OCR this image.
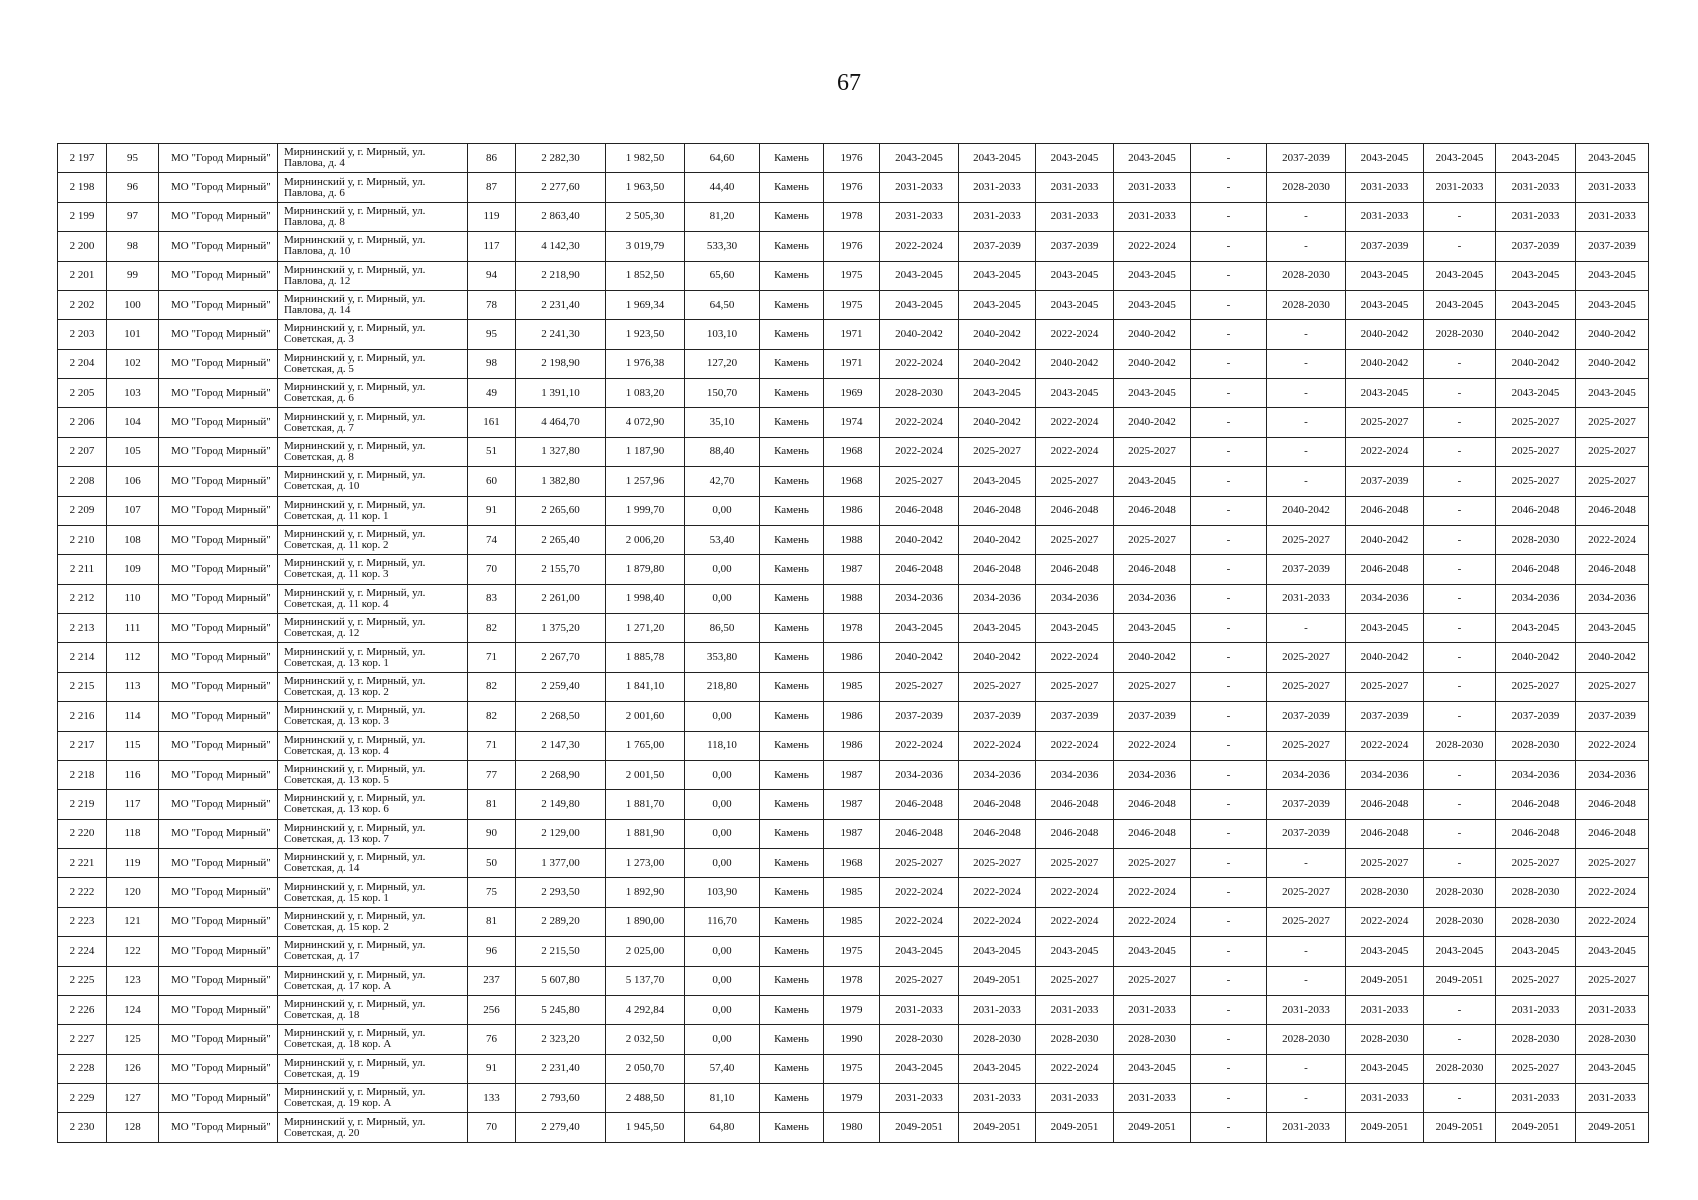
67
2 197	95	МО "Город Мирный"	Мирнинский у, г. Мирный, ул. Павлова, д. 4	86	2 282,30	1 982,50	64,60	Камень	1976	2043-2045	2043-2045	2043-2045	2043-2045	-	2037-2039	2043-2045	2043-2045	2043-2045	2043-2045
2 198	96	МО "Город Мирный"	Мирнинский у, г. Мирный, ул. Павлова, д. 6	87	2 277,60	1 963,50	44,40	Камень	1976	2031-2033	2031-2033	2031-2033	2031-2033	-	2028-2030	2031-2033	2031-2033	2031-2033	2031-2033
2 199	97	МО "Город Мирный"	Мирнинский у, г. Мирный, ул. Павлова, д. 8	119	2 863,40	2 505,30	81,20	Камень	1978	2031-2033	2031-2033	2031-2033	2031-2033	-	-	2031-2033	-	2031-2033	2031-2033
2 200	98	МО "Город Мирный"	Мирнинский у, г. Мирный, ул. Павлова, д. 10	117	4 142,30	3 019,79	533,30	Камень	1976	2022-2024	2037-2039	2037-2039	2022-2024	-	-	2037-2039	-	2037-2039	2037-2039
2 201	99	МО "Город Мирный"	Мирнинский у, г. Мирный, ул. Павлова, д. 12	94	2 218,90	1 852,50	65,60	Камень	1975	2043-2045	2043-2045	2043-2045	2043-2045	-	2028-2030	2043-2045	2043-2045	2043-2045	2043-2045
2 202	100	МО "Город Мирный"	Мирнинский у, г. Мирный, ул. Павлова, д. 14	78	2 231,40	1 969,34	64,50	Камень	1975	2043-2045	2043-2045	2043-2045	2043-2045	-	2028-2030	2043-2045	2043-2045	2043-2045	2043-2045
2 203	101	МО "Город Мирный"	Мирнинский у, г. Мирный, ул. Советская, д. 3	95	2 241,30	1 923,50	103,10	Камень	1971	2040-2042	2040-2042	2022-2024	2040-2042	-	-	2040-2042	2028-2030	2040-2042	2040-2042
2 204	102	МО "Город Мирный"	Мирнинский у, г. Мирный, ул. Советская, д. 5	98	2 198,90	1 976,38	127,20	Камень	1971	2022-2024	2040-2042	2040-2042	2040-2042	-	-	2040-2042	-	2040-2042	2040-2042
2 205	103	МО "Город Мирный"	Мирнинский у, г. Мирный, ул. Советская, д. 6	49	1 391,10	1 083,20	150,70	Камень	1969	2028-2030	2043-2045	2043-2045	2043-2045	-	-	2043-2045	-	2043-2045	2043-2045
2 206	104	МО "Город Мирный"	Мирнинский у, г. Мирный, ул. Советская, д. 7	161	4 464,70	4 072,90	35,10	Камень	1974	2022-2024	2040-2042	2022-2024	2040-2042	-	-	2025-2027	-	2025-2027	2025-2027
2 207	105	МО "Город Мирный"	Мирнинский у, г. Мирный, ул. Советская, д. 8	51	1 327,80	1 187,90	88,40	Камень	1968	2022-2024	2025-2027	2022-2024	2025-2027	-	-	2022-2024	-	2025-2027	2025-2027
2 208	106	МО "Город Мирный"	Мирнинский у, г. Мирный, ул. Советская, д. 10	60	1 382,80	1 257,96	42,70	Камень	1968	2025-2027	2043-2045	2025-2027	2043-2045	-	-	2037-2039	-	2025-2027	2025-2027
2 209	107	МО "Город Мирный"	Мирнинский у, г. Мирный, ул. Советская, д. 11 кор. 1	91	2 265,60	1 999,70	0,00	Камень	1986	2046-2048	2046-2048	2046-2048	2046-2048	-	2040-2042	2046-2048	-	2046-2048	2046-2048
2 210	108	МО "Город Мирный"	Мирнинский у, г. Мирный, ул. Советская, д. 11 кор. 2	74	2 265,40	2 006,20	53,40	Камень	1988	2040-2042	2040-2042	2025-2027	2025-2027	-	2025-2027	2040-2042	-	2028-2030	2022-2024
2 211	109	МО "Город Мирный"	Мирнинский у, г. Мирный, ул. Советская, д. 11 кор. 3	70	2 155,70	1 879,80	0,00	Камень	1987	2046-2048	2046-2048	2046-2048	2046-2048	-	2037-2039	2046-2048	-	2046-2048	2046-2048
2 212	110	МО "Город Мирный"	Мирнинский у, г. Мирный, ул. Советская, д. 11 кор. 4	83	2 261,00	1 998,40	0,00	Камень	1988	2034-2036	2034-2036	2034-2036	2034-2036	-	2031-2033	2034-2036	-	2034-2036	2034-2036
2 213	111	МО "Город Мирный"	Мирнинский у, г. Мирный, ул. Советская, д. 12	82	1 375,20	1 271,20	86,50	Камень	1978	2043-2045	2043-2045	2043-2045	2043-2045	-	-	2043-2045	-	2043-2045	2043-2045
2 214	112	МО "Город Мирный"	Мирнинский у, г. Мирный, ул. Советская, д. 13 кор. 1	71	2 267,70	1 885,78	353,80	Камень	1986	2040-2042	2040-2042	2022-2024	2040-2042	-	2025-2027	2040-2042	-	2040-2042	2040-2042
2 215	113	МО "Город Мирный"	Мирнинский у, г. Мирный, ул. Советская, д. 13 кор. 2	82	2 259,40	1 841,10	218,80	Камень	1985	2025-2027	2025-2027	2025-2027	2025-2027	-	2025-2027	2025-2027	-	2025-2027	2025-2027
2 216	114	МО "Город Мирный"	Мирнинский у, г. Мирный, ул. Советская, д. 13 кор. 3	82	2 268,50	2 001,60	0,00	Камень	1986	2037-2039	2037-2039	2037-2039	2037-2039	-	2037-2039	2037-2039	-	2037-2039	2037-2039
2 217	115	МО "Город Мирный"	Мирнинский у, г. Мирный, ул. Советская, д. 13 кор. 4	71	2 147,30	1 765,00	118,10	Камень	1986	2022-2024	2022-2024	2022-2024	2022-2024	-	2025-2027	2022-2024	2028-2030	2028-2030	2022-2024
2 218	116	МО "Город Мирный"	Мирнинский у, г. Мирный, ул. Советская, д. 13 кор. 5	77	2 268,90	2 001,50	0,00	Камень	1987	2034-2036	2034-2036	2034-2036	2034-2036	-	2034-2036	2034-2036	-	2034-2036	2034-2036
2 219	117	МО "Город Мирный"	Мирнинский у, г. Мирный, ул. Советская, д. 13 кор. 6	81	2 149,80	1 881,70	0,00	Камень	1987	2046-2048	2046-2048	2046-2048	2046-2048	-	2037-2039	2046-2048	-	2046-2048	2046-2048
2 220	118	МО "Город Мирный"	Мирнинский у, г. Мирный, ул. Советская, д. 13 кор. 7	90	2 129,00	1 881,90	0,00	Камень	1987	2046-2048	2046-2048	2046-2048	2046-2048	-	2037-2039	2046-2048	-	2046-2048	2046-2048
2 221	119	МО "Город Мирный"	Мирнинский у, г. Мирный, ул. Советская, д. 14	50	1 377,00	1 273,00	0,00	Камень	1968	2025-2027	2025-2027	2025-2027	2025-2027	-	-	2025-2027	-	2025-2027	2025-2027
2 222	120	МО "Город Мирный"	Мирнинский у, г. Мирный, ул. Советская, д. 15 кор. 1	75	2 293,50	1 892,90	103,90	Камень	1985	2022-2024	2022-2024	2022-2024	2022-2024	-	2025-2027	2028-2030	2028-2030	2028-2030	2022-2024
2 223	121	МО "Город Мирный"	Мирнинский у, г. Мирный, ул. Советская, д. 15 кор. 2	81	2 289,20	1 890,00	116,70	Камень	1985	2022-2024	2022-2024	2022-2024	2022-2024	-	2025-2027	2022-2024	2028-2030	2028-2030	2022-2024
2 224	122	МО "Город Мирный"	Мирнинский у, г. Мирный, ул. Советская, д. 17	96	2 215,50	2 025,00	0,00	Камень	1975	2043-2045	2043-2045	2043-2045	2043-2045	-	-	2043-2045	2043-2045	2043-2045	2043-2045
2 225	123	МО "Город Мирный"	Мирнинский у, г. Мирный, ул. Советская, д. 17 кор. А	237	5 607,80	5 137,70	0,00	Камень	1978	2025-2027	2049-2051	2025-2027	2025-2027	-	-	2049-2051	2049-2051	2025-2027	2025-2027
2 226	124	МО "Город Мирный"	Мирнинский у, г. Мирный, ул. Советская, д. 18	256	5 245,80	4 292,84	0,00	Камень	1979	2031-2033	2031-2033	2031-2033	2031-2033	-	2031-2033	2031-2033	-	2031-2033	2031-2033
2 227	125	МО "Город Мирный"	Мирнинский у, г. Мирный, ул. Советская, д. 18 кор. А	76	2 323,20	2 032,50	0,00	Камень	1990	2028-2030	2028-2030	2028-2030	2028-2030	-	2028-2030	2028-2030	-	2028-2030	2028-2030
2 228	126	МО "Город Мирный"	Мирнинский у, г. Мирный, ул. Советская, д. 19	91	2 231,40	2 050,70	57,40	Камень	1975	2043-2045	2043-2045	2022-2024	2043-2045	-	-	2043-2045	2028-2030	2025-2027	2043-2045
2 229	127	МО "Город Мирный"	Мирнинский у, г. Мирный, ул. Советская, д. 19 кор. А	133	2 793,60	2 488,50	81,10	Камень	1979	2031-2033	2031-2033	2031-2033	2031-2033	-	-	2031-2033	-	2031-2033	2031-2033
2 230	128	МО "Город Мирный"	Мирнинский у, г. Мирный, ул. Советская, д. 20	70	2 279,40	1 945,50	64,80	Камень	1980	2049-2051	2049-2051	2049-2051	2049-2051	-	2031-2033	2049-2051	2049-2051	2049-2051	2049-2051
